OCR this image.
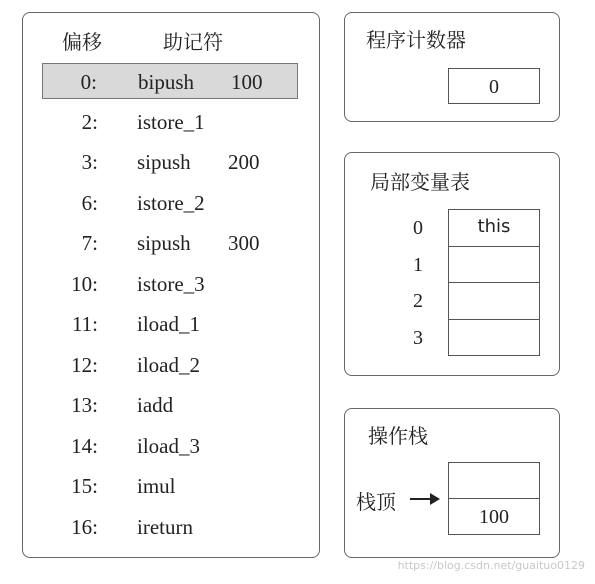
偏移	助记符
0: bipush 100
2: istore_1
3: sipush 200
6: istore_2
7: sipush 300
10: istore_3
11: iload_1
12: iload_2
13: iadd
14: iload_3
15: imul
16: ireturn
程序计数器
0
局部变量表
0	this
1
2
3
操作栈
栈顶
100
https://blog.csdn.net/guaituo0129
